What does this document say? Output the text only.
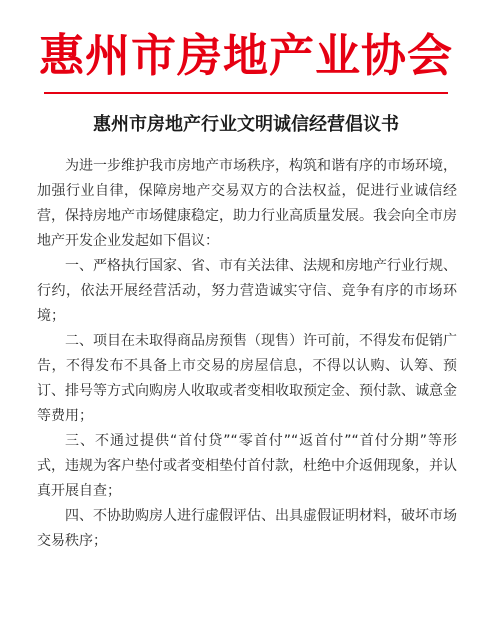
惠州市房地产业协会
惠州市房地产行业文明诚信经营倡议书

为进一步维护我市房地产市场秩序，构筑和谐有序的市场环境，加强行业自律，保障房地产交易双方的合法权益，促进行业诚信经营，保持房地产市场健康稳定，助力行业高质量发展。我会向全市房地产开发企业发起如下倡议：

一、严格执行国家、省、市有关法律、法规和房地产行业行规、行约，依法开展经营活动，努力营造诚实守信、竞争有序的市场环境；

二、项目在未取得商品房预售（现售）许可前，不得发布促销广告，不得发布不具备上市交易的房屋信息，不得以认购、认筹、预订、排号等方式向购房人收取或者变相收取预定金、预付款、诚意金等费用；

三、不通过提供“首付贷”“零首付”“返首付”“首付分期”等形式，违规为客户垫付或者变相垫付首付款，杜绝中介返佣现象，并认真开展自查；

四、不协助购房人进行虚假评估、出具虚假证明材料，破坏市场交易秩序；
